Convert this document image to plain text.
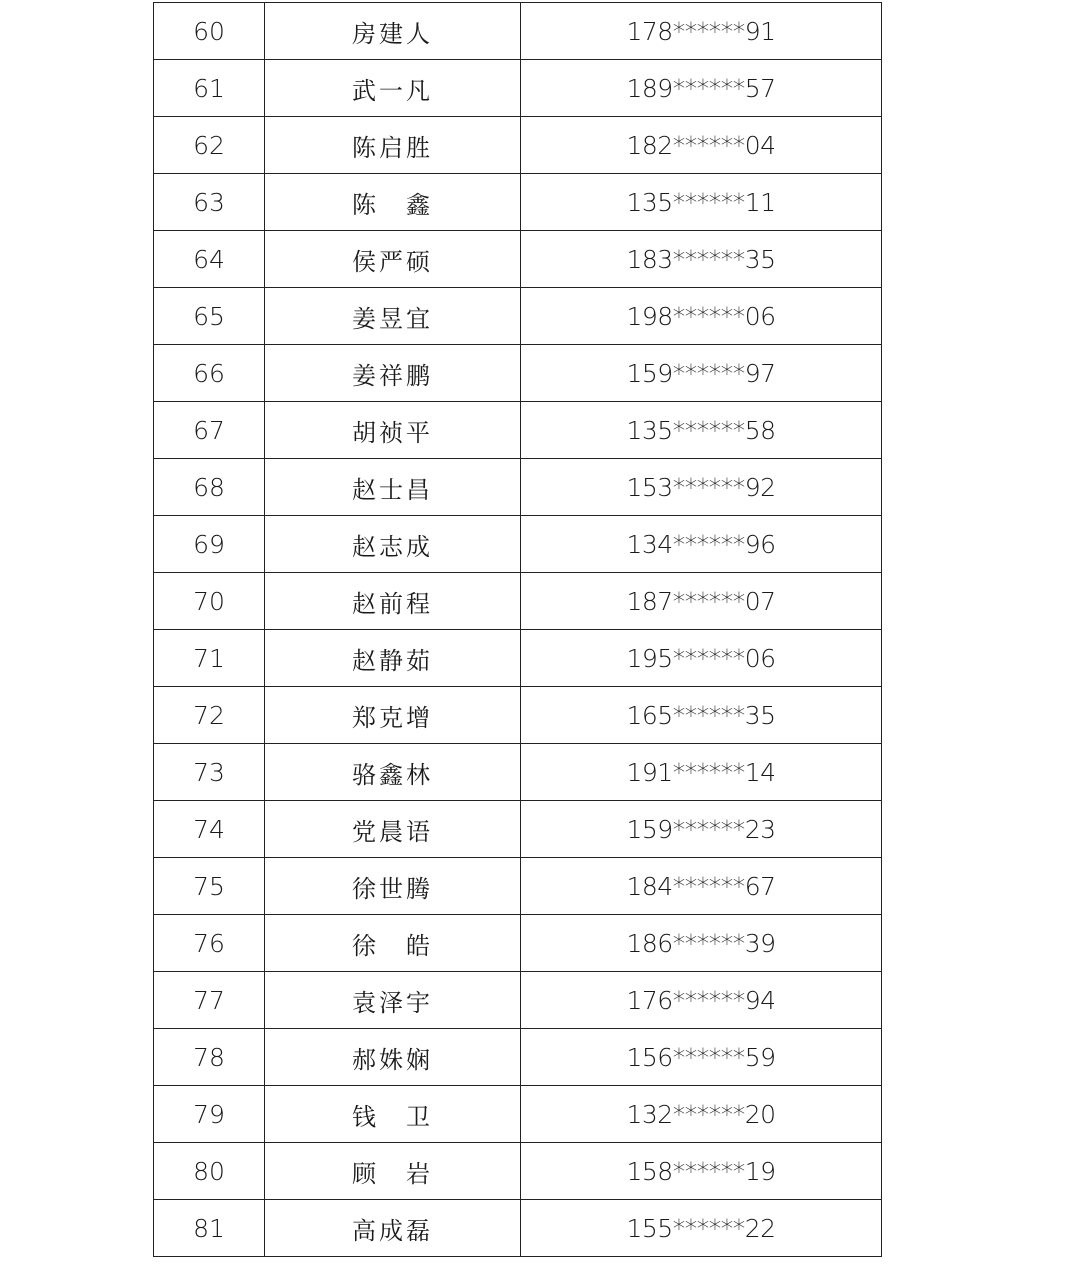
60	房建人	178******91
61	武一凡	189******57
62	陈启胜	182******04
63	陈　鑫	135******11
64	侯严硕	183******35
65	姜昱宜	198******06
66	姜祥鹏	159******97
67	胡祯平	135******58
68	赵士昌	153******92
69	赵志成	134******96
70	赵前程	187******07
71	赵静茹	195******06
72	郑克增	165******35
73	骆鑫林	191******14
74	党晨语	159******23
75	徐世腾	184******67
76	徐　皓	186******39
77	袁泽宇	176******94
78	郝姝娴	156******59
79	钱　卫	132******20
80	顾　岩	158******19
81	高成磊	155******22
